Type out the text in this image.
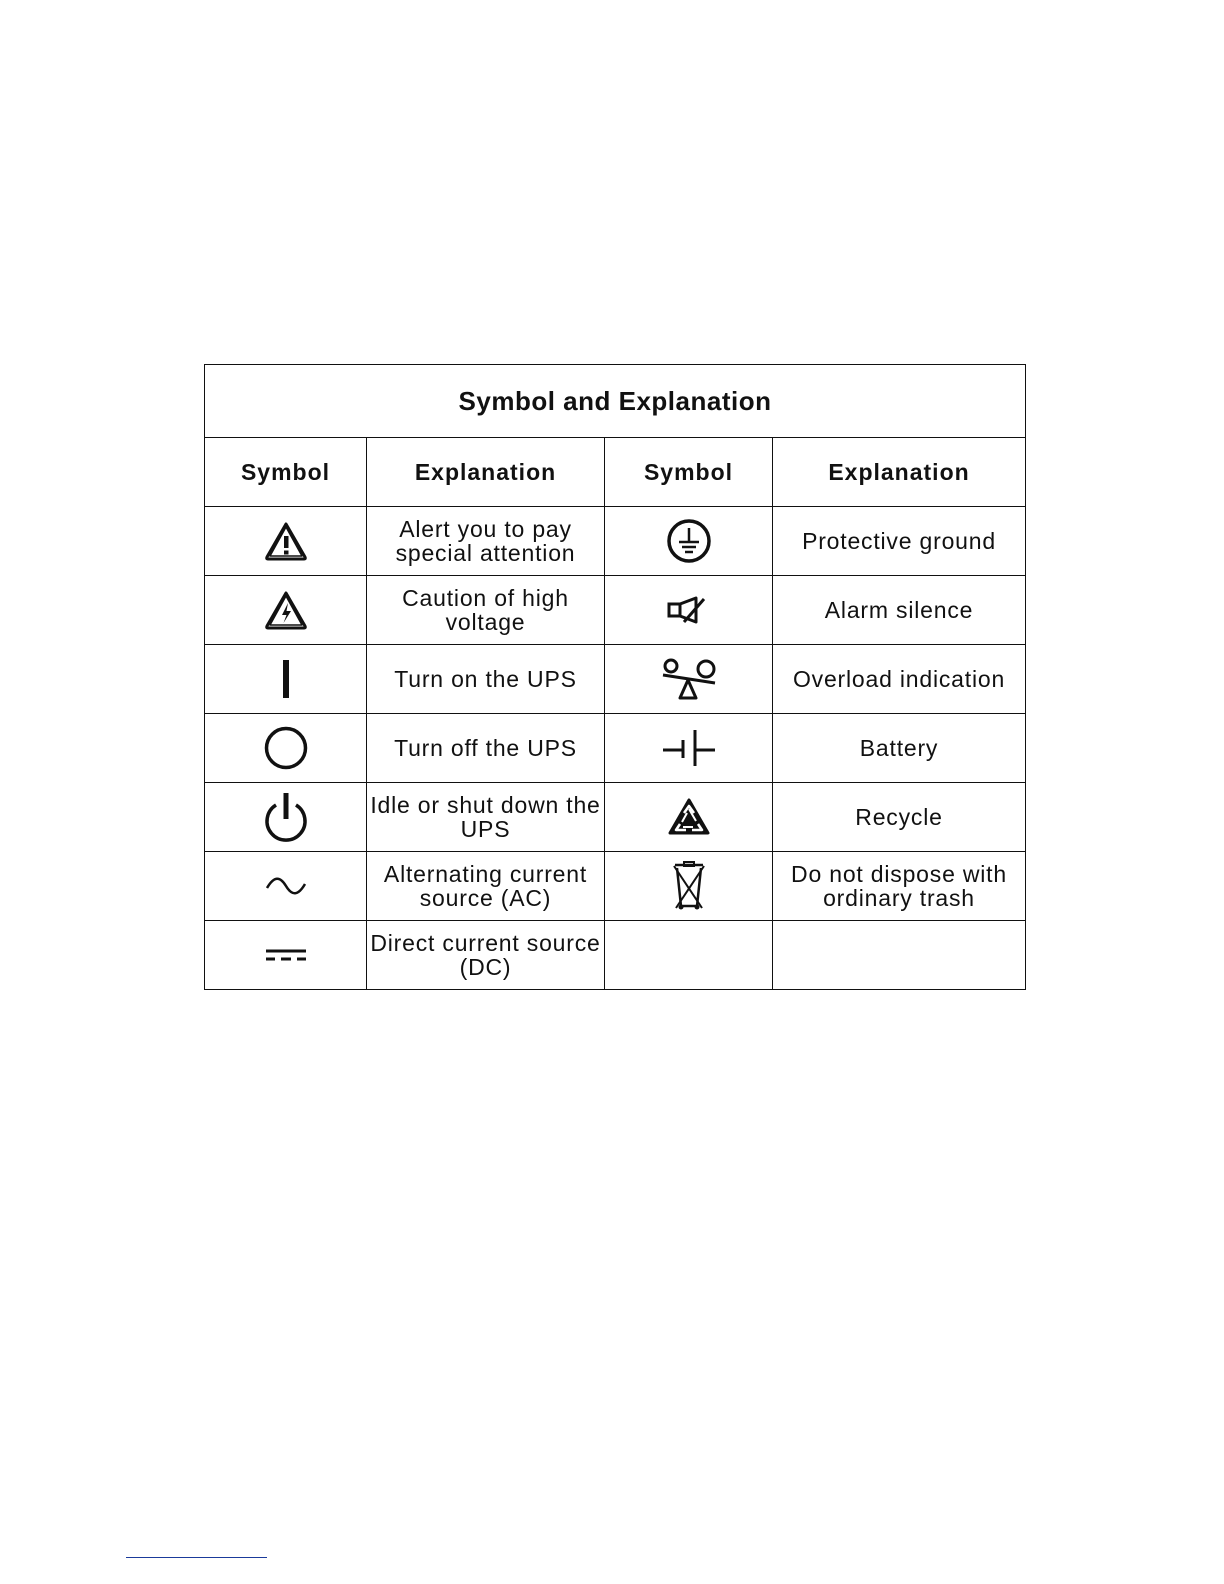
Symbol and Explanation			
Symbol	Explanation	Symbol	Explanation

	Alert you to pay special attention		Protective ground

	Caution of high voltage		Alarm silence

	Turn on the UPS		Overload indication

	Turn off the UPS		Battery

	Idle or shut down the UPS		Recycle

	Alternating current source (AC)		Do not dispose with ordinary trash

	Direct current source (DC)		
